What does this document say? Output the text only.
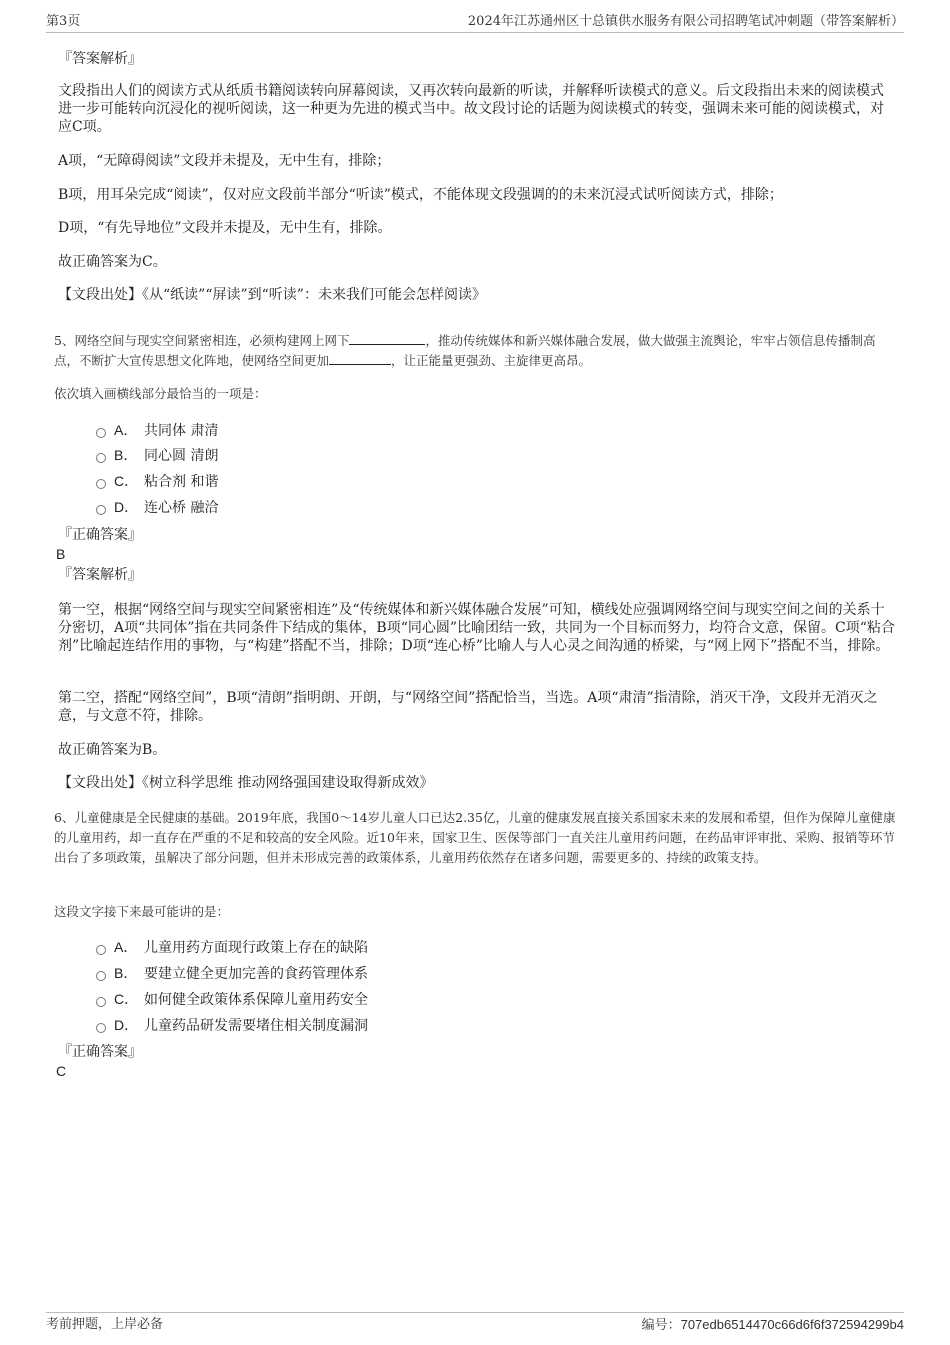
第3页	2024年江苏通州区十总镇供水服务有限公司招聘笔试冲刺题（带答案解析）

『答案解析』

文段指出人们的阅读方式从纸质书籍阅读转向屏幕阅读，又再次转向最新的听读，并解释听读模式的意义。后文段指出未来的阅读模式进一步可能转向沉浸化的视听阅读，这一种更为先进的模式当中。故文段讨论的话题为阅读模式的转变，强调未来可能的阅读模式，对应C项。

A项，“无障碍阅读”文段并未提及，无中生有，排除；

B项，用耳朵完成“阅读”，仅对应文段前半部分“听读”模式，不能体现文段强调的的未来沉浸式试听阅读方式，排除；

D项，“有先导地位”文段并未提及，无中生有，排除。

故正确答案为C。

【文段出处】《从“纸读”“屏读”到“听读”：未来我们可能会怎样阅读》

5、网络空间与现实空间紧密相连，必须构建网上网下	，推动传统媒体和新兴媒体融合发展，做大做强主流舆论，牢牢占领信息传播制高点，不断扩大宣传思想文化阵地，使网络空间更加	，让正能量更强劲、主旋律更高昂。

依次填入画横线部分最恰当的一项是：

A． 共同体 肃清
B． 同心圆 清朗
C． 粘合剂 和谐
D． 连心桥 融洽

『正确答案』

B

『答案解析』

第一空，根据“网络空间与现实空间紧密相连”及“传统媒体和新兴媒体融合发展”可知，横线处应强调网络空间与现实空间之间的关系十分密切，A项“共同体”指在共同条件下结成的集体，B项“同心圆”比喻团结一致，共同为一个目标而努力，均符合文意，保留。C项“粘合剂”比喻起连结作用的事物，与“构建”搭配不当，排除；D项“连心桥”比喻人与人心灵之间沟通的桥梁，与“网上网下”搭配不当，排除。

第二空，搭配“网络空间”，B项“清朗”指明朗、开朗，与“网络空间”搭配恰当，当选。A项“肃清”指清除，消灭干净，文段并无消灭之意，与文意不符，排除。

故正确答案为B。

【文段出处】《树立科学思维 推动网络强国建设取得新成效》

6、儿童健康是全民健康的基础。2019年底，我国0～14岁儿童人口已达2.35亿，儿童的健康发展直接关系国家未来的发展和希望，但作为保障儿童健康的儿童用药，却一直存在严重的不足和较高的安全风险。近10年来，国家卫生、医保等部门一直关注儿童用药问题，在药品审评审批、采购、报销等环节出台了多项政策，虽解决了部分问题，但并未形成完善的政策体系，儿童用药依然存在诸多问题，需要更多的、持续的政策支持。

这段文字接下来最可能讲的是：

A． 儿童用药方面现行政策上存在的缺陷
B． 要建立健全更加完善的食药管理体系
C． 如何健全政策体系保障儿童用药安全
D． 儿童药品研发需要堵住相关制度漏洞

『正确答案』

C

考前押题，上岸必备	编号：707edb6514470c66d6f6f372594299b4
